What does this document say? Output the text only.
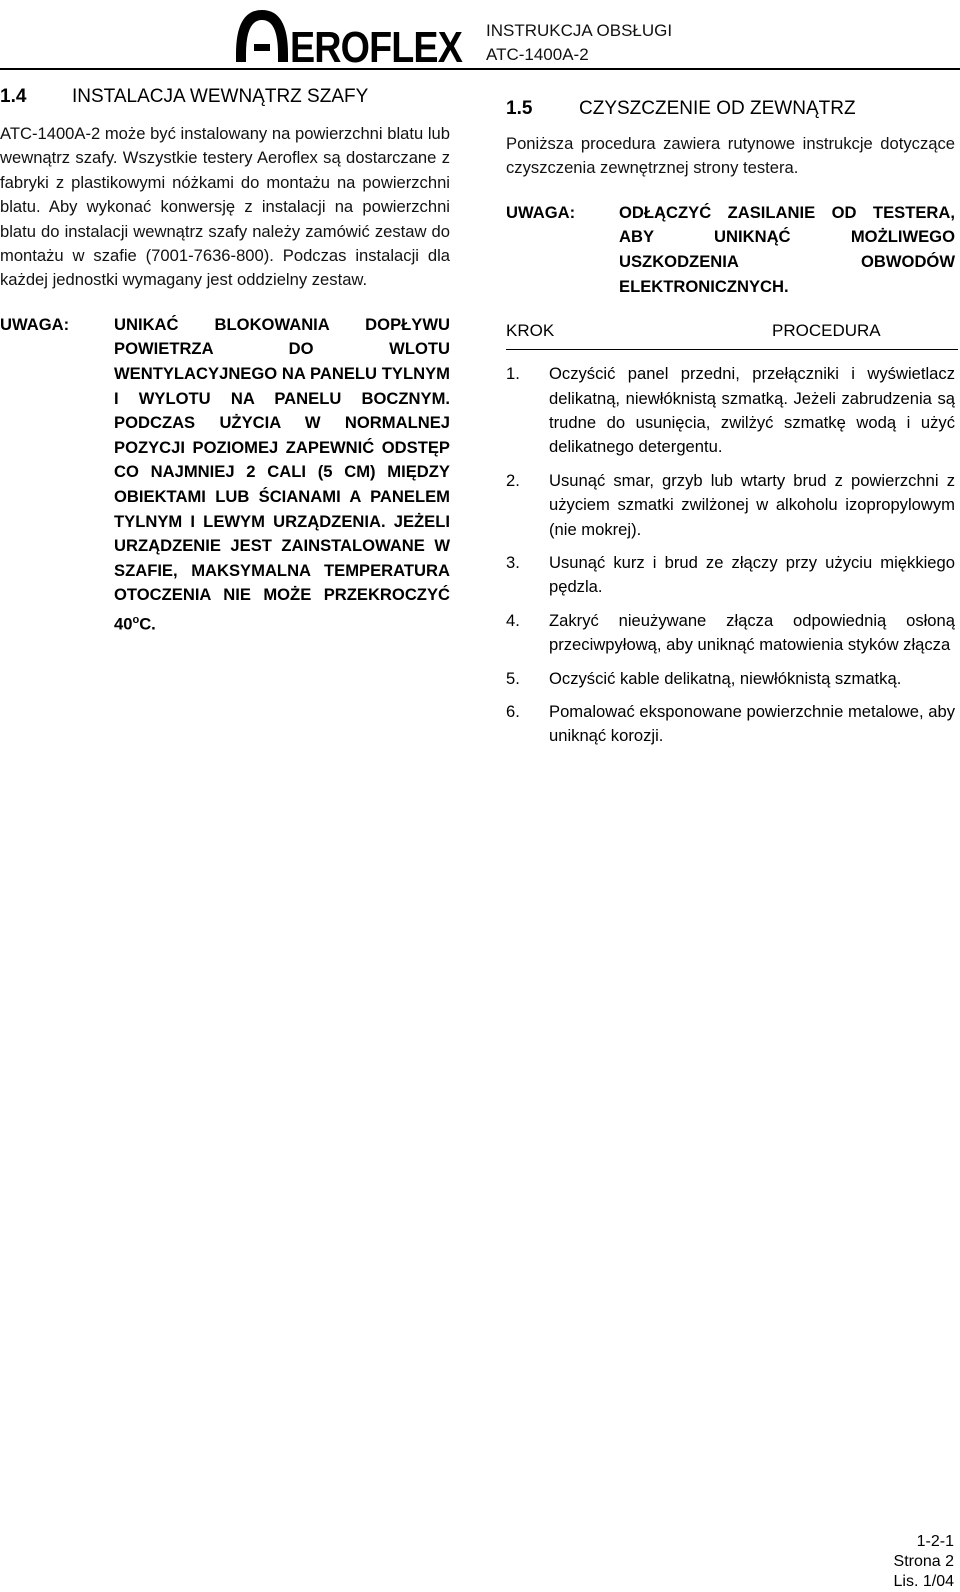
EROFLEX INSTRUKCJA OBSŁUGI
ATC-1400A-2
1.4 INSTALACJA WEWNĄTRZ SZAFY

ATC-1400A-2 może być instalowany na powierzchni blatu lub wewnątrz szafy. Wszystkie testery Aeroflex są dostarczane z fabryki z plastikowymi nóżkami do montażu na powierzchni blatu. Aby wykonać konwersję z instalacji na powierzchni blatu do instalacji wewnątrz szafy należy zamówić zestaw do montażu w szafie (7001-7636-800). Podczas instalacji dla każdej jednostki wymagany jest oddzielny zestaw.

UWAGA:	UNIKAĆ BLOKOWANIA DOPŁYWU POWIETRZA DO WLOTU WENTYLACYJNEGO NA PANELU TYLNYM I WYLOTU NA PANELU BOCZNYM. PODCZAS UŻYCIA W NORMALNEJ POZYCJI POZIOMEJ ZAPEWNIĆ ODSTĘP CO NAJMNIEJ 2 CALI (5 CM) MIĘDZY OBIEKTAMI LUB ŚCIANAMI A PANELEM TYLNYM I LEWYM URZĄDZENIA. JEŻELI URZĄDZENIE JEST ZAINSTALOWANE W SZAFIE, MAKSYMALNA TEMPERATURA OTOCZENIA NIE MOŻE PRZEKROCZYĆ 40$^o$C.
1.5 CZYSZCZENIE OD ZEWNĄTRZ

Poniższa procedura zawiera rutynowe instrukcje dotyczące czyszczenia zewnętrznej strony testera.

UWAGA:	ODŁĄCZYĆ ZASILANIE OD TESTERA, ABY UNIKNĄĆ MOŻLIWEGO USZKODZENIA OBWODÓW ELEKTRONICZNYCH.
KROK	PROCEDURA
1.	Oczyścić panel przedni, przełączniki i wyświetlacz delikatną, niewłóknistą szmatką. Jeżeli zabrudzenia są trudne do usunięcia, zwilżyć szmatkę wodą i użyć delikatnego detergentu.
2.	Usunąć smar, grzyb lub wtarty brud z powierzchni z użyciem szmatki zwilżonej w alkoholu izopropylowym (nie mokrej).
3.	Usunąć kurz i brud ze złączy przy użyciu miękkiego pędzla.
4.	Zakryć nieużywane złącza odpowiednią osłoną przeciwpyłową, aby uniknąć matowienia styków złącza
5.	Oczyścić kable delikatną, niewłóknistą szmatką.
6.	Pomalować eksponowane powierzchnie metalowe, aby uniknąć korozji.
1-2-1
Strona 2
Lis. 1/04
